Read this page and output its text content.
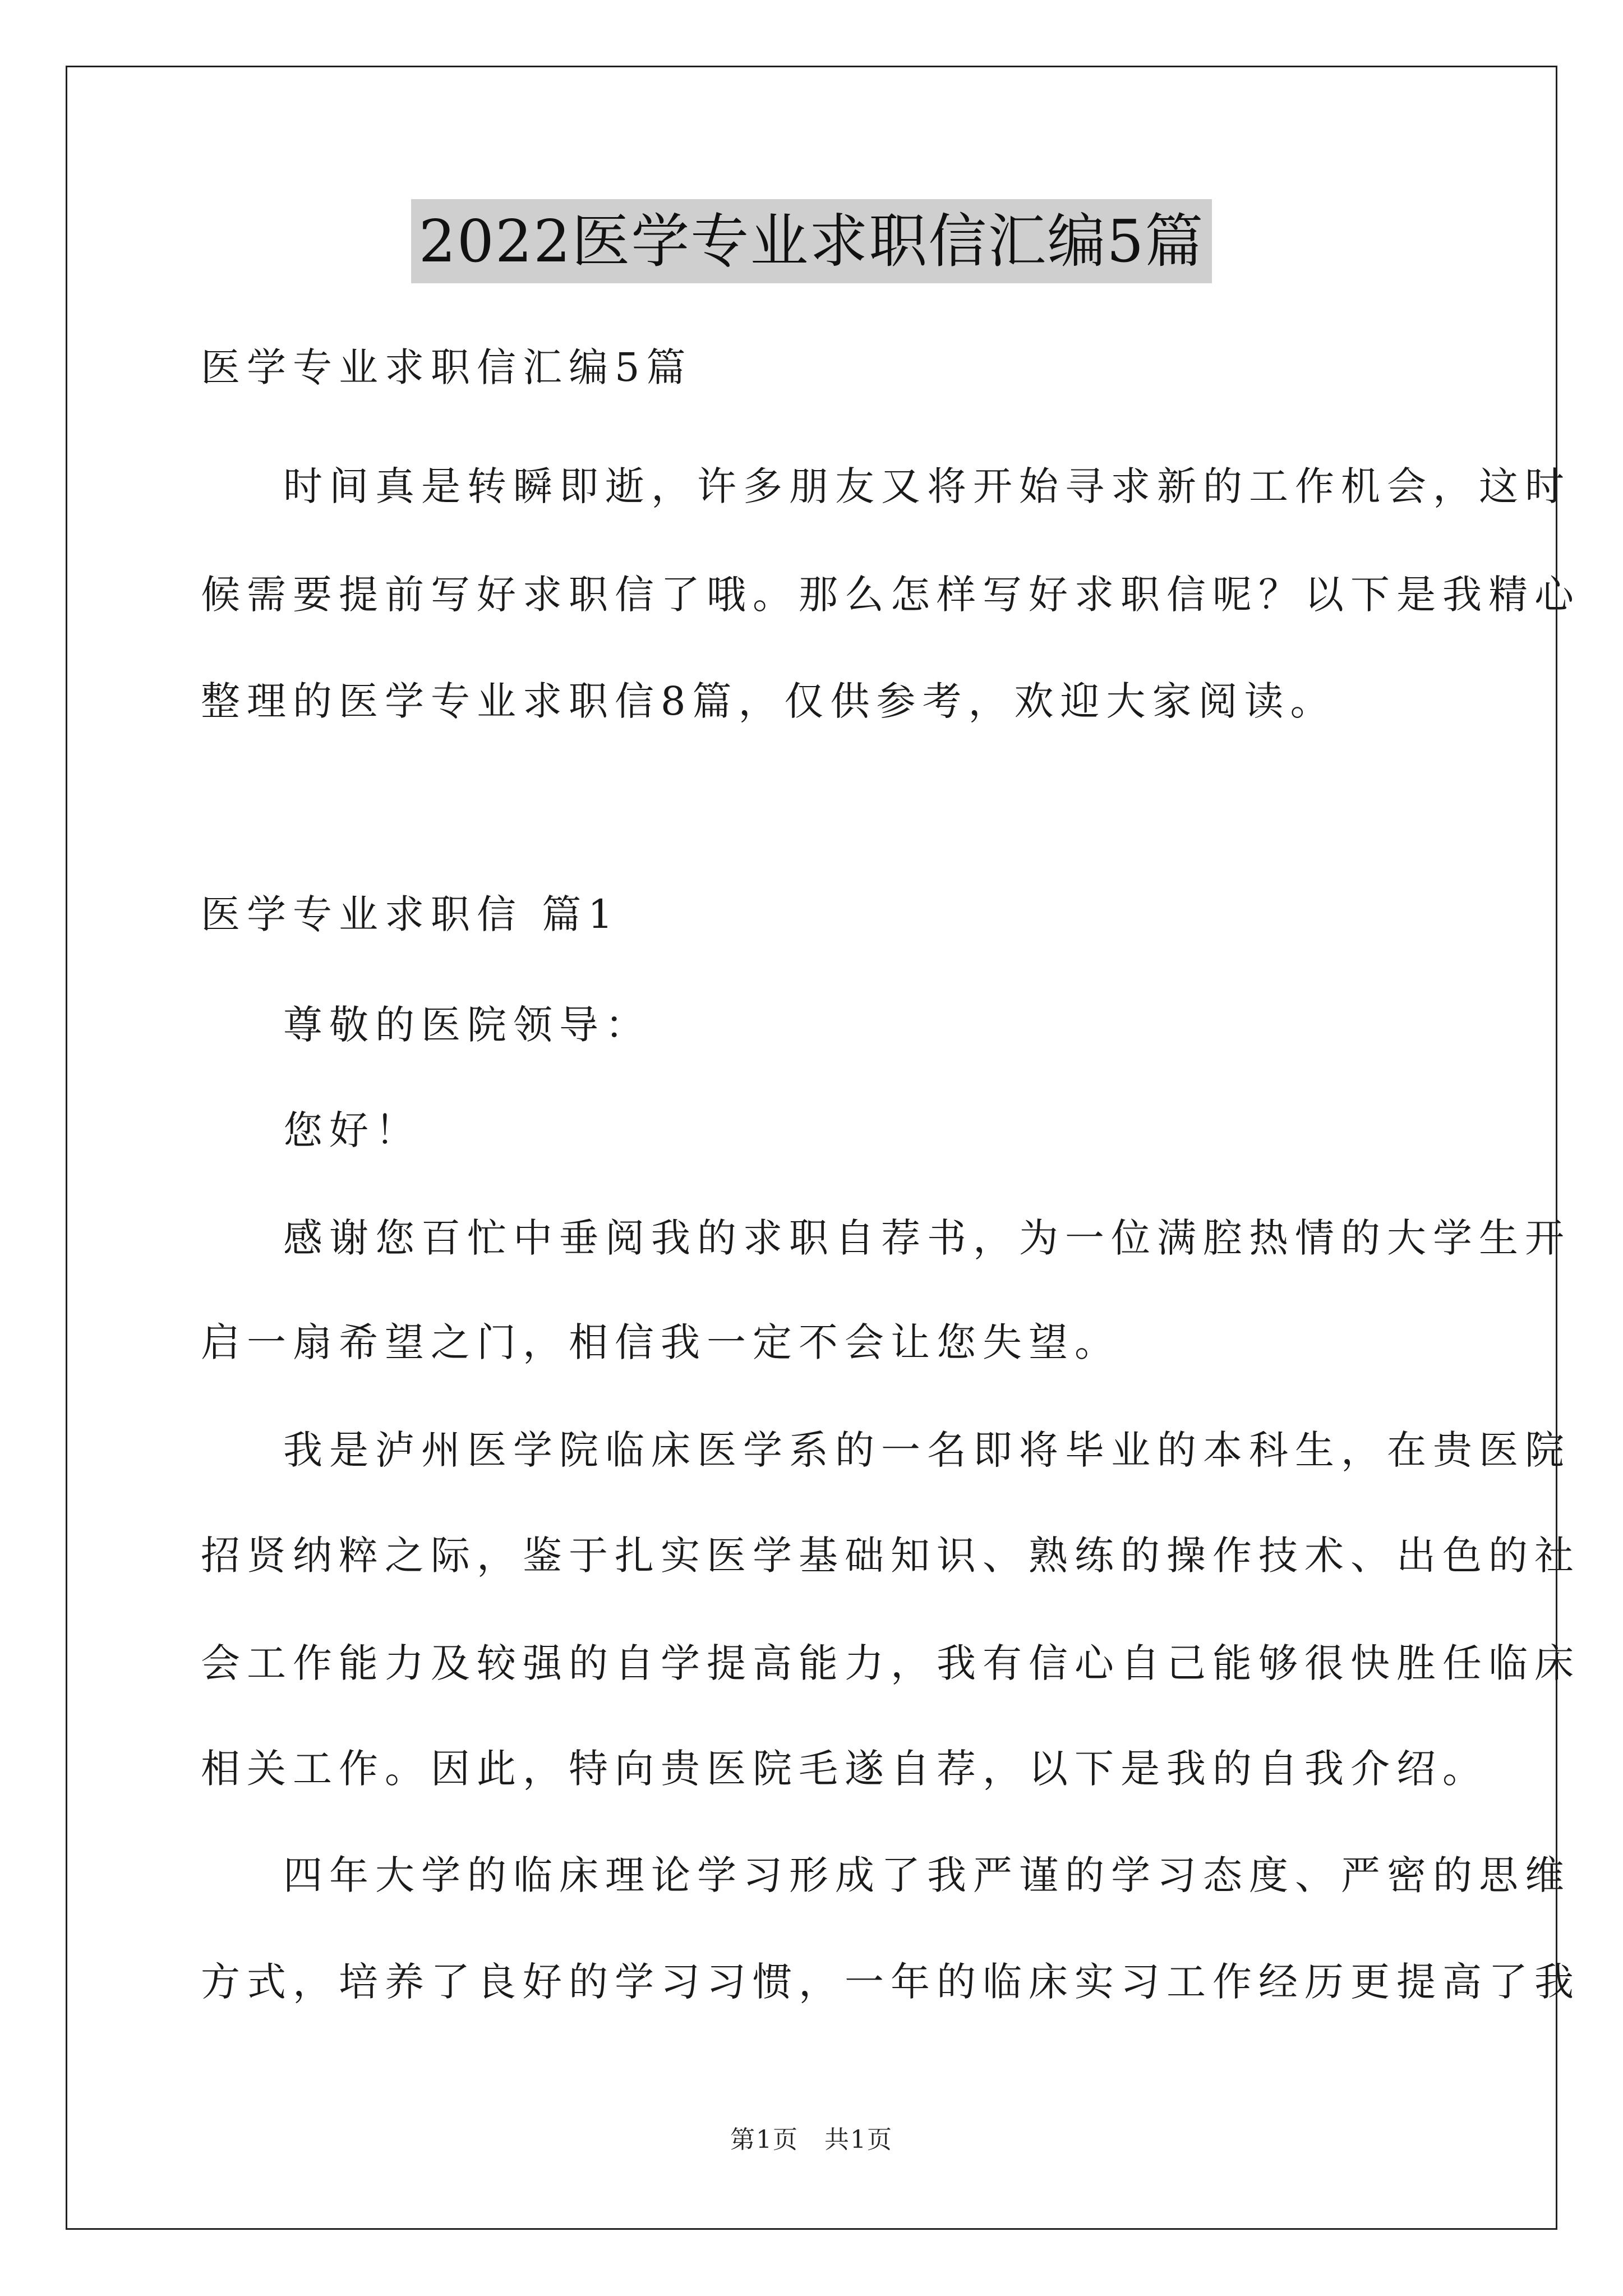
2022医学专业求职信汇编5篇
医学专业求职信汇编5篇
时间真是转瞬即逝，许多朋友又将开始寻求新的工作机会，这时
候需要提前写好求职信了哦。那么怎样写好求职信呢？以下是我精心
整理的医学专业求职信8篇，仅供参考，欢迎大家阅读。
医学专业求职信 篇1
尊敬的医院领导：
您好！
感谢您百忙中垂阅我的求职自荐书，为一位满腔热情的大学生开
启一扇希望之门，相信我一定不会让您失望。
我是泸州医学院临床医学系的一名即将毕业的本科生，在贵医院
招贤纳粹之际，鉴于扎实医学基础知识、熟练的操作技术、出色的社
会工作能力及较强的自学提高能力，我有信心自己能够很快胜任临床
相关工作。因此，特向贵医院毛遂自荐，以下是我的自我介绍。
四年大学的临床理论学习形成了我严谨的学习态度、严密的思维
方式，培养了良好的学习习惯，一年的临床实习工作经历更提高了我
第1页 共1页
